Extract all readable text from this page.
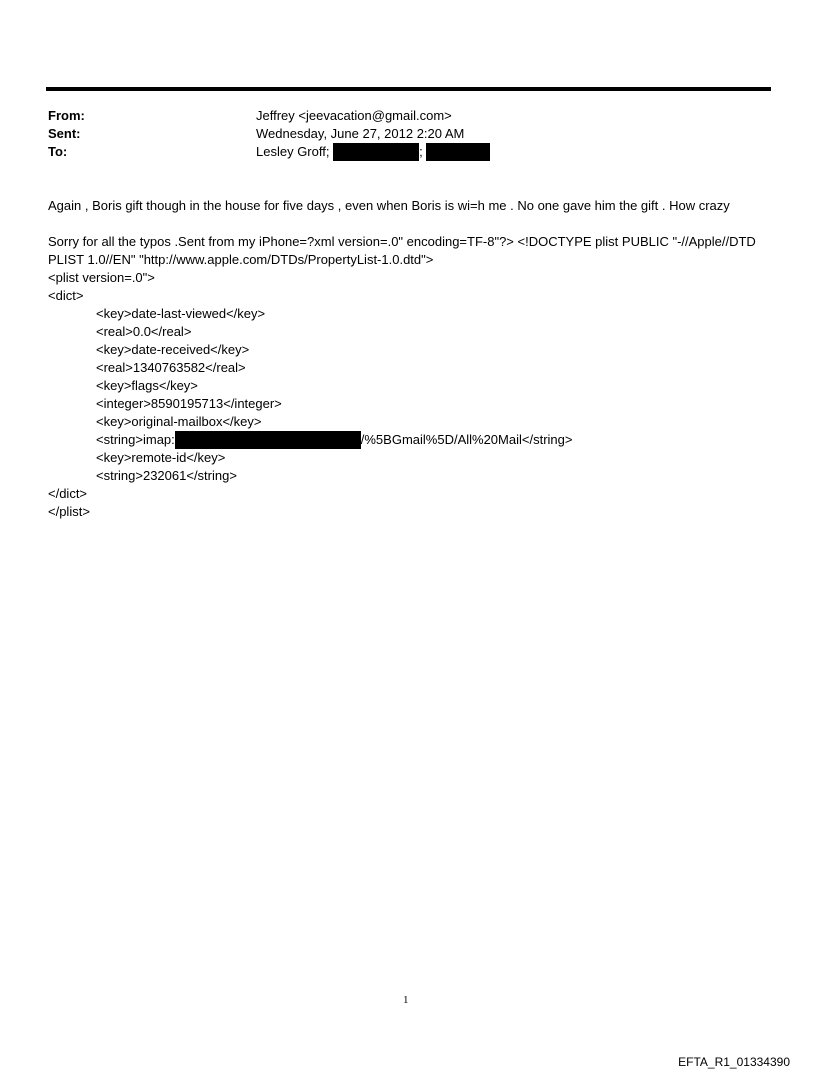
From:	Jeffrey <jeevacation@gmail.com>
Sent:	Wednesday, June 27, 2012 2:20 AM
To:	Lesley Groff;	;
Again , Boris gift though in the house for five days , even when Boris is wi=h me . No one gave him the gift . How crazy
Sorry for all the typos .Sent from my iPhone=?xml version=.0" encoding=TF-8"?> <!DOCTYPE plist PUBLIC "-//Apple//DTD
PLIST 1.0//EN" "http://www.apple.com/DTDs/PropertyList-1.0.dtd">
<plist version=.0">
<dict>
<key>date-last-viewed</key>
<real>0.0</real>
<key>date-received</key>
<real>1340763582</real>
<key>flags</key>
<integer>8590195713</integer>
<key>original-mailbox</key>
<string>imap:	/%5BGmail%5D/All%20Mail</string>
<key>remote-id</key>
<string>232061</string>
</dict>
</plist>
1
EFTA_R1_01334390
